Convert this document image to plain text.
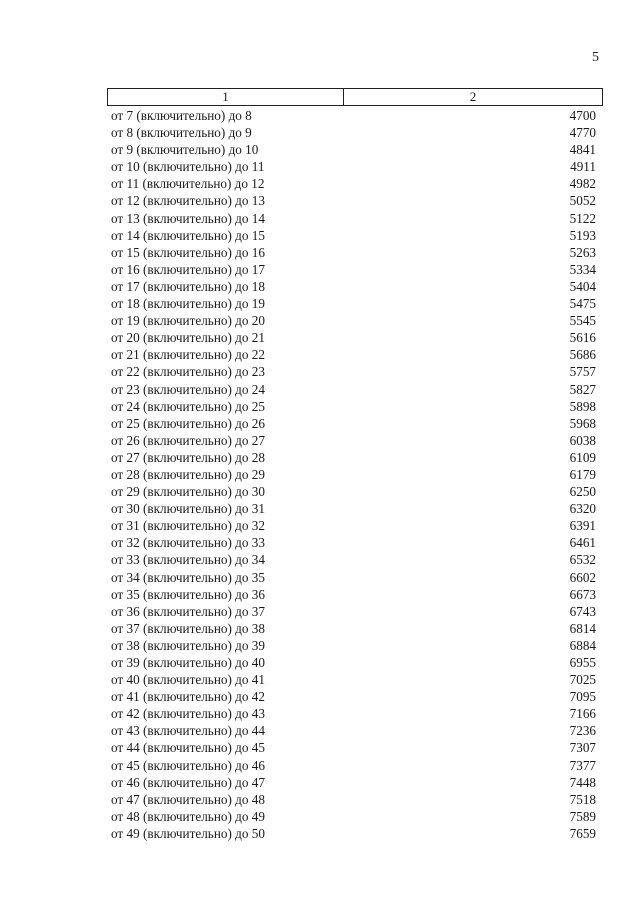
5
1	2
от 7 (включительно) до 8	4700
от 8 (включительно) до 9	4770
от 9 (включительно) до 10	4841
от 10 (включительно) до 11	4911
от 11 (включительно) до 12	4982
от 12 (включительно) до 13	5052
от 13 (включительно) до 14	5122
от 14 (включительно) до 15	5193
от 15 (включительно) до 16	5263
от 16 (включительно) до 17	5334
от 17 (включительно) до 18	5404
от 18 (включительно) до 19	5475
от 19 (включительно) до 20	5545
от 20 (включительно) до 21	5616
от 21 (включительно) до 22	5686
от 22 (включительно) до 23	5757
от 23 (включительно) до 24	5827
от 24 (включительно) до 25	5898
от 25 (включительно) до 26	5968
от 26 (включительно) до 27	6038
от 27 (включительно) до 28	6109
от 28 (включительно) до 29	6179
от 29 (включительно) до 30	6250
от 30 (включительно) до 31	6320
от 31 (включительно) до 32	6391
от 32 (включительно) до 33	6461
от 33 (включительно) до 34	6532
от 34 (включительно) до 35	6602
от 35 (включительно) до 36	6673
от 36 (включительно) до 37	6743
от 37 (включительно) до 38	6814
от 38 (включительно) до 39	6884
от 39 (включительно) до 40	6955
от 40 (включительно) до 41	7025
от 41 (включительно) до 42	7095
от 42 (включительно) до 43	7166
от 43 (включительно) до 44	7236
от 44 (включительно) до 45	7307
от 45 (включительно) до 46	7377
от 46 (включительно) до 47	7448
от 47 (включительно) до 48	7518
от 48 (включительно) до 49	7589
от 49 (включительно) до 50	7659
